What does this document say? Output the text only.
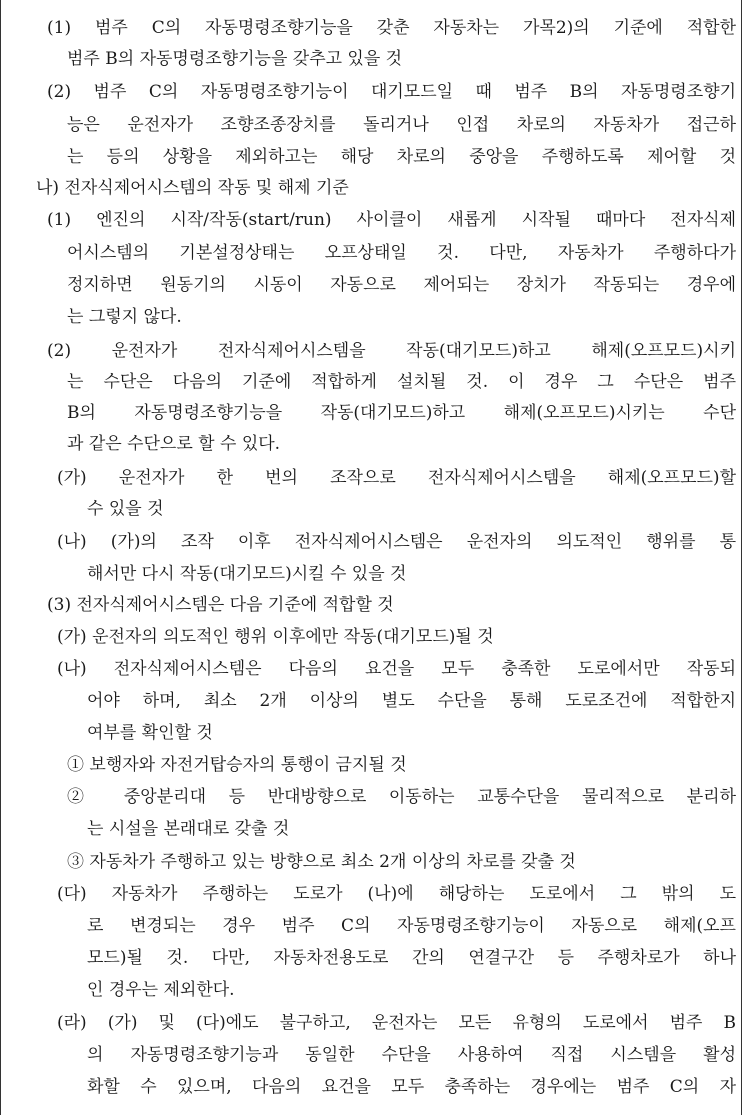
(1) 범주 C의 자동명령조향기능을 갖춘 자동차는 가목2)의 기준에 적합한
범주 B의 자동명령조향기능을 갖추고 있을 것
(2) 범주 C의 자동명령조향기능이 대기모드일 때 범주 B의 자동명령조향기
능은 운전자가 조향조종장치를 돌리거나 인접 차로의 자동차가 접근하
는 등의 상황을 제외하고는 해당 차로의 중앙을 주행하도록 제어할 것
나) 전자식제어시스템의 작동 및 해제 기준
(1) 엔진의 시작/작동(start/run) 사이클이 새롭게 시작될 때마다 전자식제
어시스템의 기본설정상태는 오프상태일 것. 다만, 자동차가 주행하다가
정지하면 원동기의 시동이 자동으로 제어되는 장치가 작동되는 경우에
는 그렇지 않다.
(2) 운전자가 전자식제어시스템을 작동(대기모드)하고 해제(오프모드)시키
는 수단은 다음의 기준에 적합하게 설치될 것. 이 경우 그 수단은 범주
B의 자동명령조향기능을 작동(대기모드)하고 해제(오프모드)시키는 수단
과 같은 수단으로 할 수 있다.
(가) 운전자가 한 번의 조작으로 전자식제어시스템을 해제(오프모드)할
수 있을 것
(나) (가)의 조작 이후 전자식제어시스템은 운전자의 의도적인 행위를 통
해서만 다시 작동(대기모드)시킬 수 있을 것
(3) 전자식제어시스템은 다음 기준에 적합할 것
(가) 운전자의 의도적인 행위 이후에만 작동(대기모드)될 것
(나) 전자식제어시스템은 다음의 요건을 모두 충족한 도로에서만 작동되
어야 하며, 최소 2개 이상의 별도 수단을 통해 도로조건에 적합한지
여부를 확인할 것
① 보행자와 자전거탑승자의 통행이 금지될 것
② 중앙분리대 등 반대방향으로 이동하는 교통수단을 물리적으로 분리하
는 시설을 본래대로 갖출 것
③ 자동차가 주행하고 있는 방향으로 최소 2개 이상의 차로를 갖출 것
(다) 자동차가 주행하는 도로가 (나)에 해당하는 도로에서 그 밖의 도
로 변경되는 경우 범주 C의 자동명령조향기능이 자동으로 해제(오프
모드)될 것. 다만, 자동차전용도로 간의 연결구간 등 주행차로가 하나
인 경우는 제외한다.
(라) (가) 및 (다)에도 불구하고, 운전자는 모든 유형의 도로에서 범주 B
의 자동명령조향기능과 동일한 수단을 사용하여 직접 시스템을 활성
화할 수 있으며, 다음의 요건을 모두 충족하는 경우에는 범주 C의 자
